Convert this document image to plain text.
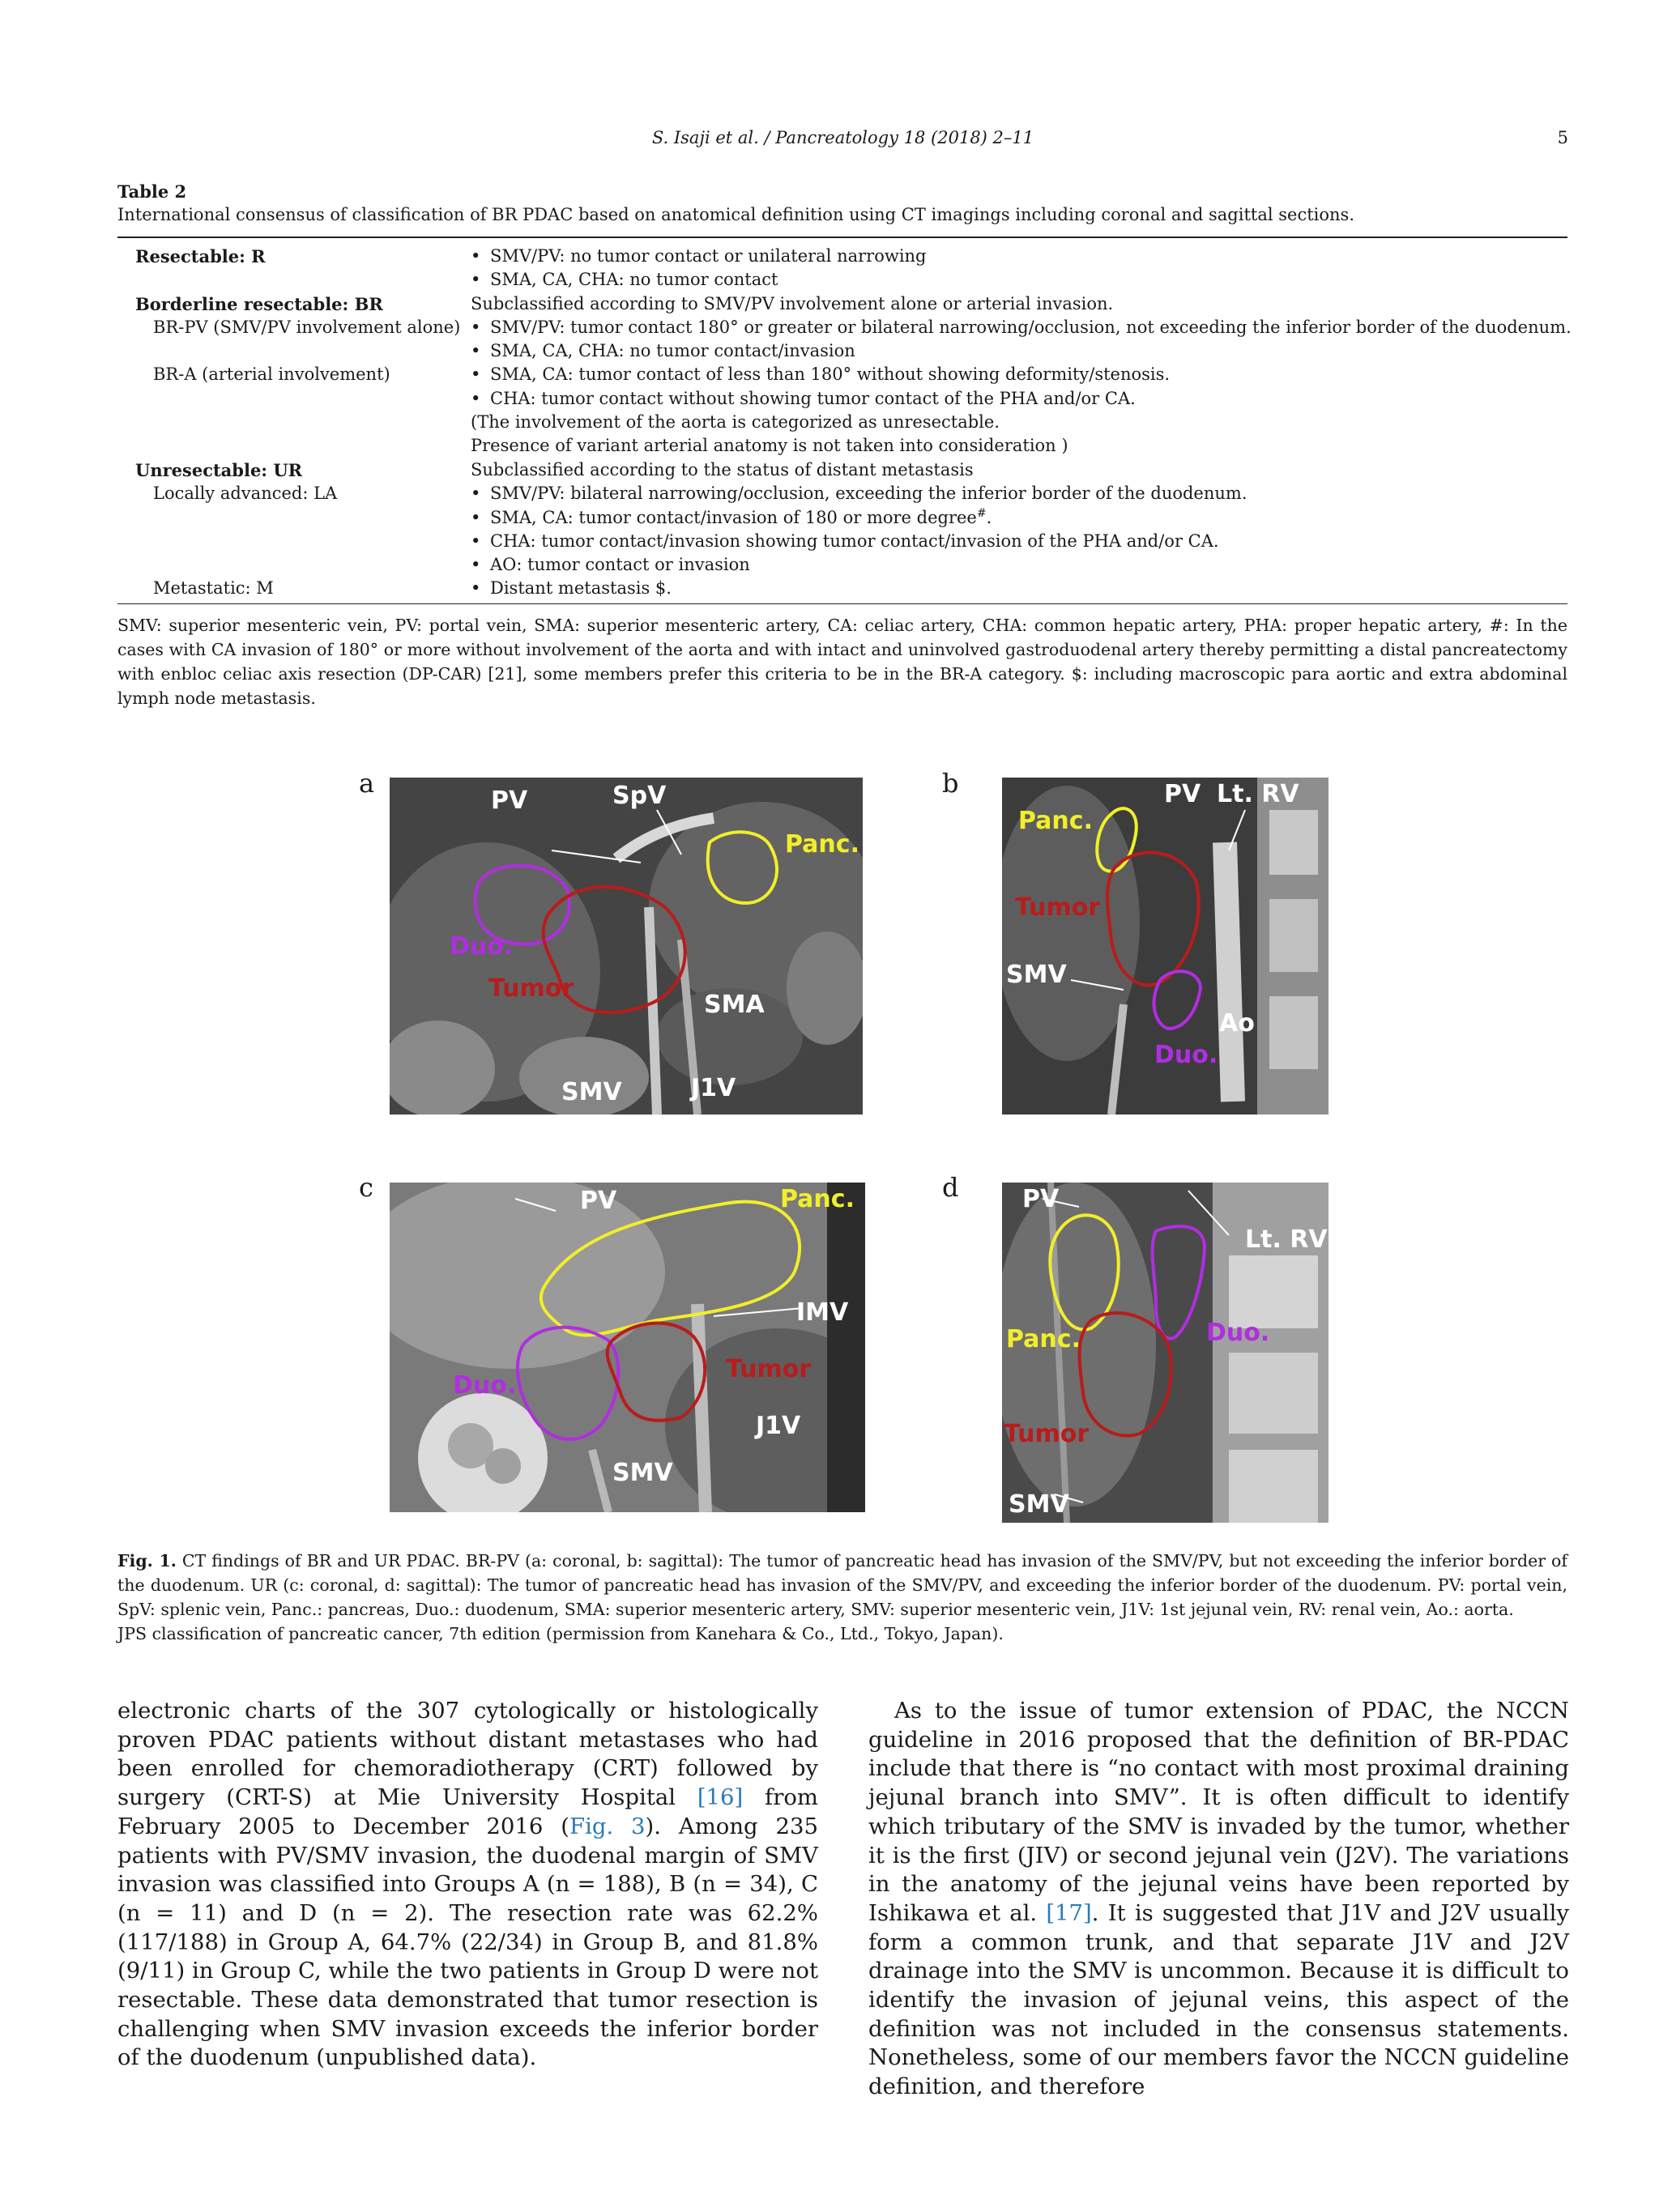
S. Isaji et al. / Pancreatology 18 (2018) 2–11	5
Table 2
International consensus of classification of BR PDAC based on anatomical definition using CT imagings including coronal and sagittal sections.
Resectable: R	• SMV/PV: no tumor contact or unilateral narrowing
• SMA, CA, CHA: no tumor contact
Borderline resectable: BR	Subclassified according to SMV/PV involvement alone or arterial invasion.
BR-PV (SMV/PV involvement alone) • SMV/PV: tumor contact 180° or greater or bilateral narrowing/occlusion, not exceeding the inferior border of the duodenum.
• SMA, CA, CHA: no tumor contact/invasion
BR-A (arterial involvement)	• SMA, CA: tumor contact of less than 180° without showing deformity/stenosis.
• CHA: tumor contact without showing tumor contact of the PHA and/or CA.
(The involvement of the aorta is categorized as unresectable.
Presence of variant arterial anatomy is not taken into consideration )
Unresectable: UR	Subclassified according to the status of distant metastasis
Locally advanced: LA	• SMV/PV: bilateral narrowing/occlusion, exceeding the inferior border of the duodenum.
• SMA, CA: tumor contact/invasion of 180 or more degree#.
• CHA: tumor contact/invasion showing tumor contact/invasion of the PHA and/or CA.
• AO: tumor contact or invasion
Metastatic: M	• Distant metastasis $.
SMV: superior mesenteric vein, PV: portal vein, SMA: superior mesenteric artery, CA: celiac artery, CHA: common hepatic artery, PHA: proper hepatic artery, #: In the cases with CA invasion of 180° or more without involvement of the aorta and with intact and uninvolved gastroduodenal artery thereby permitting a distal pancreatectomy with enbloc celiac axis resection (DP-CAR) [21], some members prefer this criteria to be in the BR-A category. $: including macroscopic para aortic and extra abdominal lymph node metastasis.
a	b
c	d
PV	SpV
Panc.
Duo.
Tumor
SMA
SMV	J1V
PV Lt. RV
Panc.
Tumor
SMV
Ao
Duo.
PV	Panc.
IMV
Tumor
Duo.
J1V
SMV
PV
Lt. RV
Duo.
Panc.
Tumor
SMV
Fig. 1. CT findings of BR and UR PDAC. BR-PV (a: coronal, b: sagittal): The tumor of pancreatic head has invasion of the SMV/PV, but not exceeding the inferior border of the duodenum. UR (c: coronal, d: sagittal): The tumor of pancreatic head has invasion of the SMV/PV, and exceeding the inferior border of the duodenum. PV: portal vein, SpV: splenic vein, Panc.: pancreas, Duo.: duodenum, SMA: superior mesenteric artery, SMV: superior mesenteric vein, J1V: 1st jejunal vein, RV: renal vein, Ao.: aorta.
JPS classification of pancreatic cancer, 7th edition (permission from Kanehara & Co., Ltd., Tokyo, Japan).

electronic charts of the 307 cytologically or histologically proven PDAC patients without distant metastases who had been enrolled for chemoradiotherapy (CRT) followed by surgery (CRT-S) at Mie University Hospital [16] from February 2005 to December 2016 (Fig. 3). Among 235 patients with PV/SMV invasion, the duodenal margin of SMV invasion was classified into Groups A (n = 188), B (n = 34), C (n = 11) and D (n = 2). The resection rate was 62.2% (117/188) in Group A, 64.7% (22/34) in Group B, and 81.8% (9/11) in Group C, while the two patients in Group D were not resectable. These data demonstrated that tumor resection is challenging when SMV invasion exceeds the inferior border of the duodenum (unpublished data).

As to the issue of tumor extension of PDAC, the NCCN guideline in 2016 proposed that the definition of BR-PDAC include that there is “no contact with most proximal draining jejunal branch into SMV”. It is often difficult to identify which tributary of the SMV is invaded by the tumor, whether it is the first (JIV) or second jejunal vein (J2V). The variations in the anatomy of the jejunal veins have been reported by Ishikawa et al. [17]. It is suggested that J1V and J2V usually form a common trunk, and that separate J1V and J2V drainage into the SMV is uncommon. Because it is difficult to identify the invasion of jejunal veins, this aspect of the definition was not included in the consensus statements. Nonetheless, some of our members favor the NCCN guideline definition, and therefore
